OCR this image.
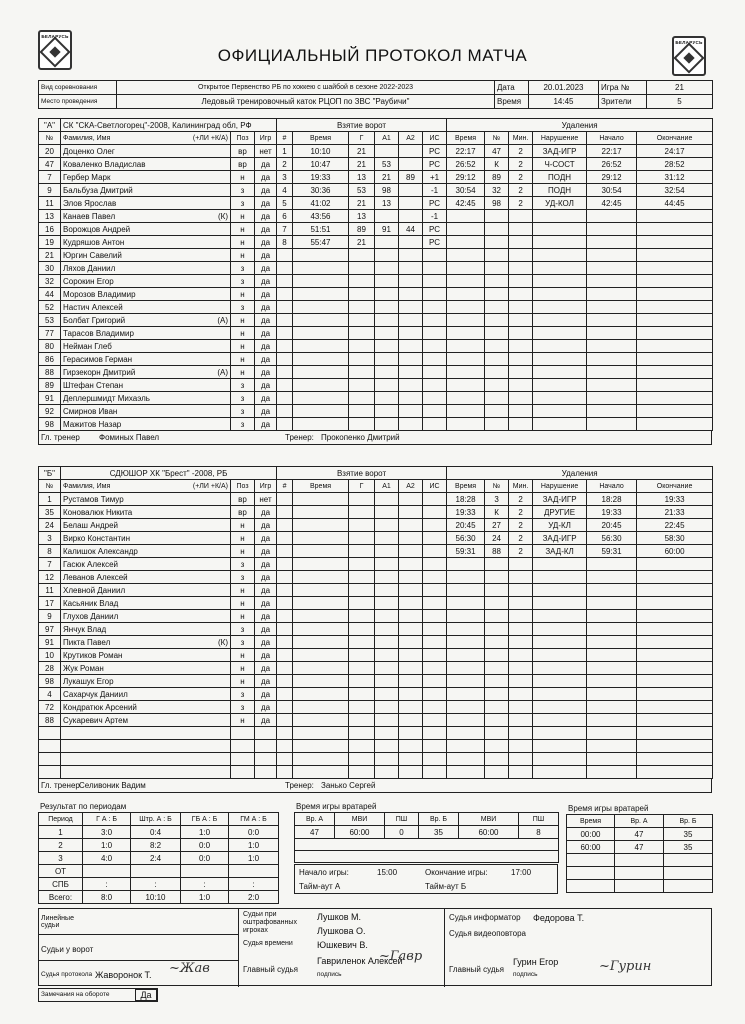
БЕЛАРУСЬ
БЕЛАРУСЬ
ОФИЦИАЛЬНЫЙ ПРОТОКОЛ МАТЧА
Вид соревнования	Открытое Первенство РБ по хоккею с шайбой в сезоне 2022-2023	Дата	20.01.2023	Игра №	21
Место проведения	Ледовый тренировочный каток РЦОП по ЗВС "Раубичи"	Время	14:45	Зрители	5
"А"	СК "СКА-Светлогорец"-2008, Калининград обл, РФ			Взятие ворот						Удаления					
№	Фамилия, Имя (+ЛИ +К/А)	Поз	Игр	#	Время	Г	А1	А2	ИС	Время	№	Мин.	Нарушение	Начало	Окончание
20	Доценко Олег	вр	нет	1	10:10	21			РС	22:17	47	2	ЗАД-ИГР	22:17	24:17
47	Коваленко Владислав	вр	да	2	10:47	21	53		РС	26:52	К	2	Ч-СОСТ	26:52	28:52
7	Гербер Марк	н	да	3	19:33	13	21	89	+1	29:12	89	2	ПОДН	29:12	31:12
9	Бальбуза Дмитрий	з	да	4	30:36	53	98		-1	30:54	32	2	ПОДН	30:54	32:54
11	Элов Ярослав	з	да	5	41:02	21	13		РС	42:45	98	2	УД-КОЛ	42:45	44:45
13	Канаев Павел (К)	н	да	6	43:56	13			-1						
16	Ворожцов Андрей	н	да	7	51:51	89	91	44	РС						
19	Кудряшов Антон	н	да	8	55:47	21			РС						
21	Юргин Савелий	н	да												
30	Ляхов Даниил	з	да												
32	Сорокин Егор	з	да												
44	Морозов Владимир	н	да												
52	Настич Алексей	з	да												
53	Болбат Григорий (А)	н	да												
77	Тарасов Владимир	н	да												
80	Нейман Глеб	н	да												
86	Герасимов Герман	н	да												
88	Гирзекорн Дмитрий (А)	н	да												
89	Штефан Степан	з	да												
91	Деплершмидт Михаэль	з	да												
92	Смирнов Иван	з	да												
98	Мажитов Назар	з	да												
Гл. тренер Фоминых Павел	Тренер: Прокопенко Дмитрий
"Б"	СДЮШОР ХК "Брест" -2008, РБ			Взятие ворот						Удаления					
№	Фамилия, Имя (+ЛИ +К/А)	Поз	Игр	#	Время	Г	А1	А2	ИС	Время	№	Мин.	Нарушение	Начало	Окончание
1	Рустамов Тимур	вр	нет							18:28	3	2	ЗАД-ИГР	18:28	19:33
35	Коновалюк Никита	вр	да							19:33	К	2	ДРУГИЕ	19:33	21:33
24	Белаш Андрей	н	да							20:45	27	2	УД-КЛ	20:45	22:45
3	Вирко Константин	н	да							56:30	24	2	ЗАД-ИГР	56:30	58:30
8	Калишок Александр	н	да							59:31	88	2	ЗАД-КЛ	59:31	60:00
7	Гасюк Алексей	з	да												
12	Леванов Алексей	з	да												
11	Хлевной Даниил	н	да												
17	Касьяник Влад	н	да												
9	Глухов Даниил	н	да												
97	Янчук Влад	з	да												
91	Пикта Павел (К)	з	да												
10	Крутиков Роман	н	да												
28	Жук Роман	н	да												
98	Лукашук Егор	н	да												
4	Сахарчук Даниил	з	да												
72	Кондратюк Арсений	з	да												
88	Сукаревич Артем	н	да												

Гл. тренер Селивоник Вадим	Тренер: Занько Сергей
Результат по периодам
Период	Г А : Б	Штр. А : Б	ГБ А : Б	ГМ А : Б
1	3:0	0:4	1:0	0:0
2	1:0	8:2	0:0	1:0
3	4:0	2:4	0:0	1:0
ОТ				
СПБ	:	:	:	:
Всего:	8:0	10:10	1:0	2:0
Время игры вратарей
Вр. А	МВИ	ПШ	Вр. Б	МВИ	ПШ
47	60:00	0	35	60:00	8

Начало игры:	15:00	Окончание игры:	17:00
Тайм-аут А	Тайм-аут Б
Время игры вратарей
Время	Вр. А	Вр. Б
00:00	47	35
60:00	47	35

Линейные судьи
Судьи у ворот
Судья протокола Жаворонок Т. ~Жав
Судьи при оштрафованных игроках
Лушков М.
Лушкова О.
Судья времени	Юшкевич В.
Главный судья
Гавриленок Алексей
подпись
~Гавр
Судья информатор Федорова Т.
Судья видеоповтора
Главный судья
Гурин Егор
подпись
~Гурин
Замечания на обороте	Да
